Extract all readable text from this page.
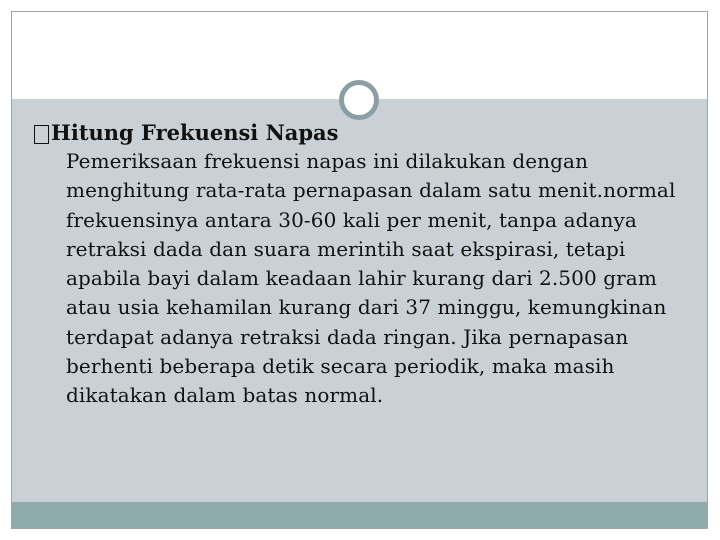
Hitung Frekuensi Napas

Pemeriksaan frekuensi napas ini dilakukan dengan menghitung rata-rata pernapasan dalam satu menit.normal frekuensinya antara 30-60 kali per menit, tanpa adanya retraksi dada dan suara merintih saat ekspirasi, tetapi apabila bayi dalam keadaan lahir kurang dari 2.500 gram atau usia kehamilan kurang dari 37 minggu, kemungkinan terdapat adanya retraksi dada ringan. Jika pernapasan berhenti beberapa detik secara periodik, maka masih dikatakan dalam batas normal.
